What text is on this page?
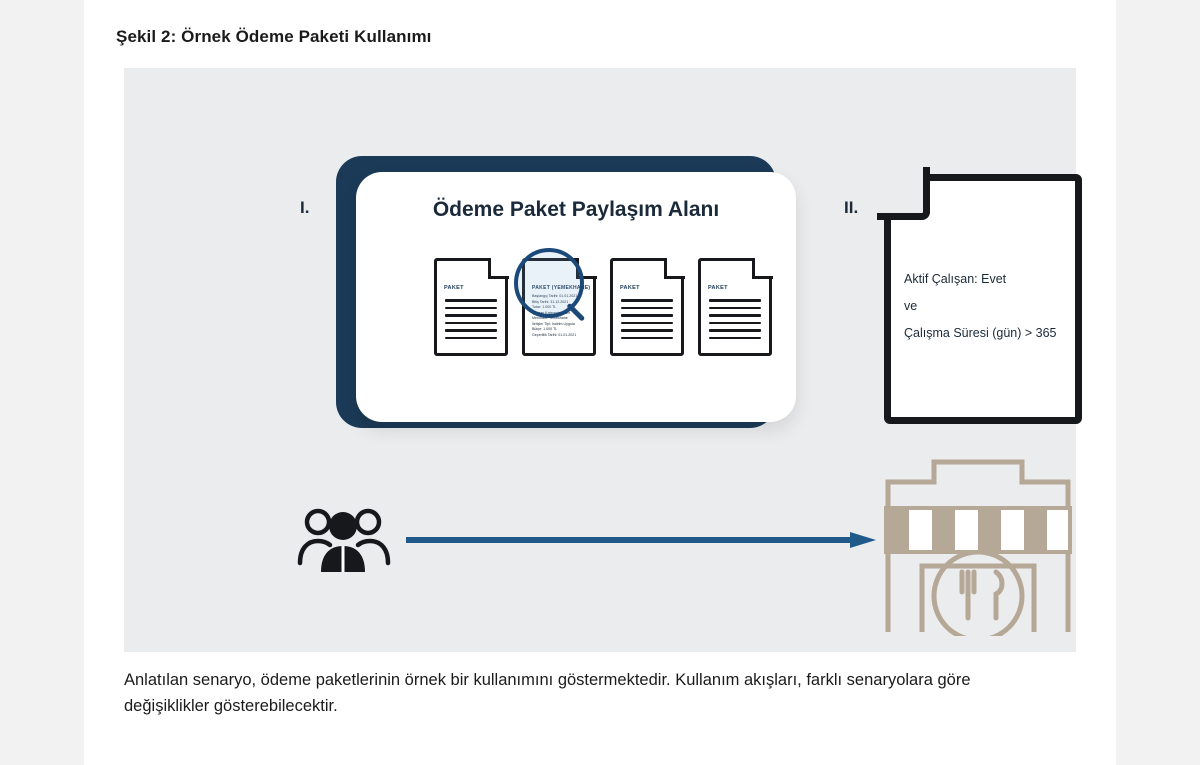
Şekil 2: Örnek Ödeme Paketi Kullanımı
I.	II.
Ödeme Paket Paylaşım Alanı
PAKET	PAKET (YEMEKHANE)
Başlangıç Tarihi: 01.01.2021
Bitiş Tarihi: 31.12.2021
Tutar: 1.000 TL
Çalışan Kategorisi: Tüm
Merchant: Yemekhane
İletişim Tipi: İndirim Uygula
Bütçe: 1.000 TL
Geçerlilik Tarihi: 01.01.2021
PAKET	PAKET
Aktif Çalışan: Evet
ve
Çalışma Süresi (gün) > 365
Anlatılan senaryo, ödeme paketlerinin örnek bir kullanımını göstermektedir. Kullanım akışları, farklı senaryolara göre değişiklikler gösterebilecektir.
